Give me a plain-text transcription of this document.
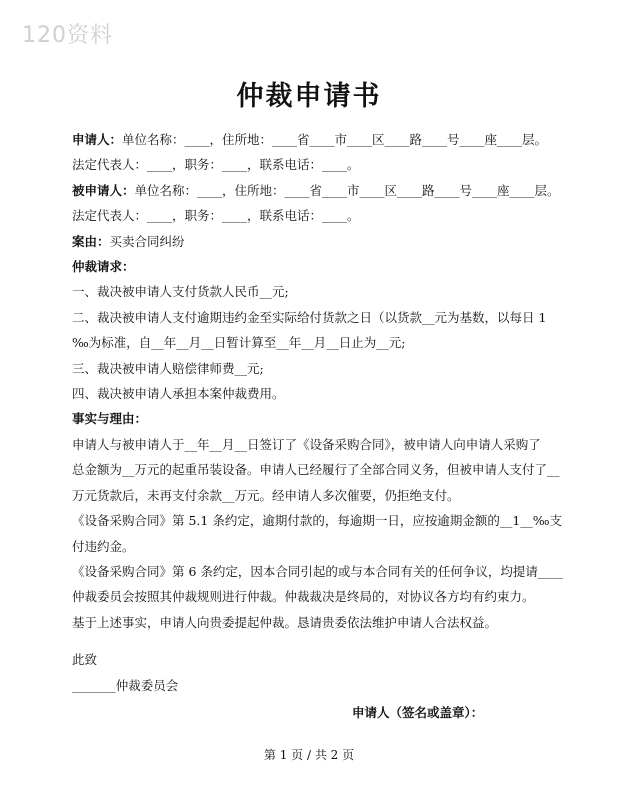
120资料
仲裁申请书
申请人：单位名称：____，住所地：____省____市____区____路____号____座____层。
法定代表人：____，职务：____，联系电话：____。
被申请人：单位名称：____，住所地：____省____市____区____路____号____座____层。
法定代表人：____，职务：____，联系电话：____。
案由：买卖合同纠纷
仲裁请求：
一、裁决被申请人支付货款人民币__元;
二、裁决被申请人支付逾期违约金至实际给付货款之日（以货款__元为基数，以每日 1
‰为标准，自__年__月__日暂计算至__年__月__日止为__元;
三、裁决被申请人赔偿律师费__元;
四、裁决被申请人承担本案仲裁费用。
事实与理由：
申请人与被申请人于__年__月__日签订了《设备采购合同》，被申请人向申请人采购了
总金额为__万元的起重吊装设备。申请人已经履行了全部合同义务，但被申请人支付了__
万元货款后，未再支付余款__万元。经申请人多次催要，仍拒绝支付。
《设备采购合同》第 5.1 条约定，逾期付款的，每逾期一日，应按逾期金额的__1__‰支
付违约金。
《设备采购合同》第 6 条约定，因本合同引起的或与本合同有关的任何争议，均提请____
仲裁委员会按照其仲裁规则进行仲裁。仲裁裁决是终局的，对协议各方均有约束力。
基于上述事实，申请人向贵委提起仲裁。恳请贵委依法维护申请人合法权益。
此致
_______仲裁委员会
申请人（签名或盖章）：
第 1 页 / 共 2 页
